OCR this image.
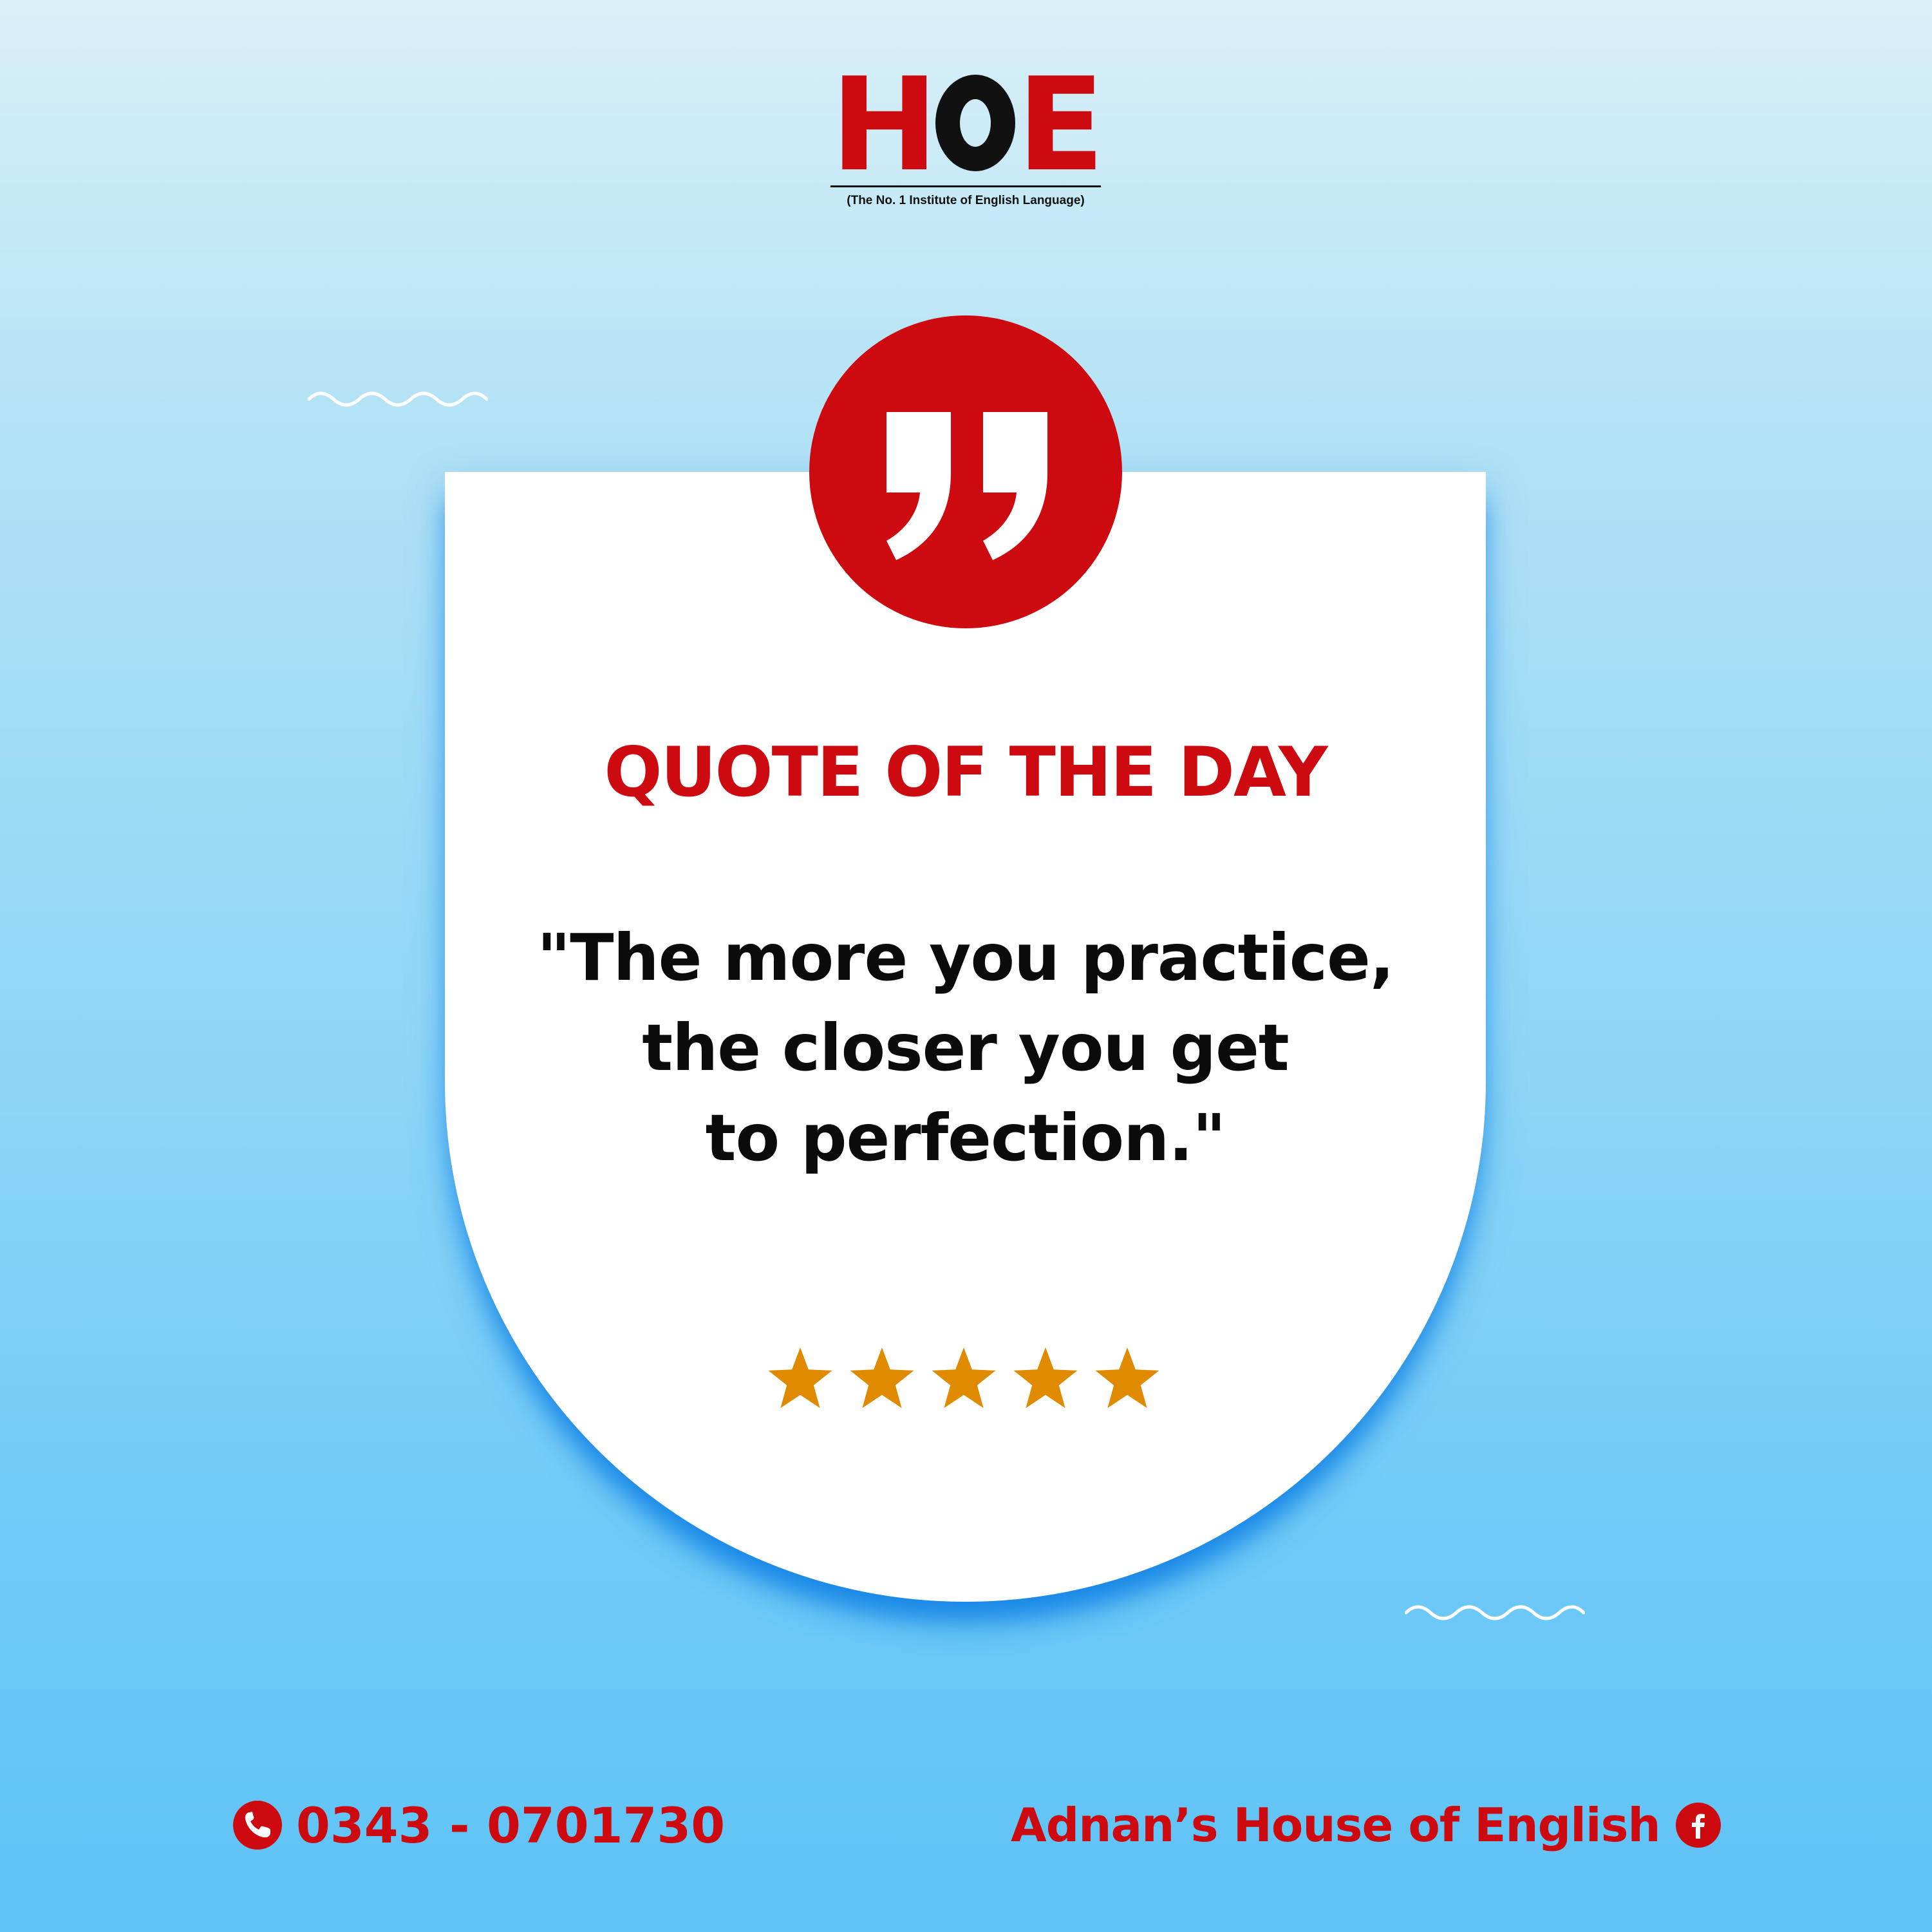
H E
(The No. 1 Institute of English Language)
QUOTE OF THE DAY
"The more you practice,
the closer you get
to perfection."
0343 - 0701730	Adnan’s House of English
